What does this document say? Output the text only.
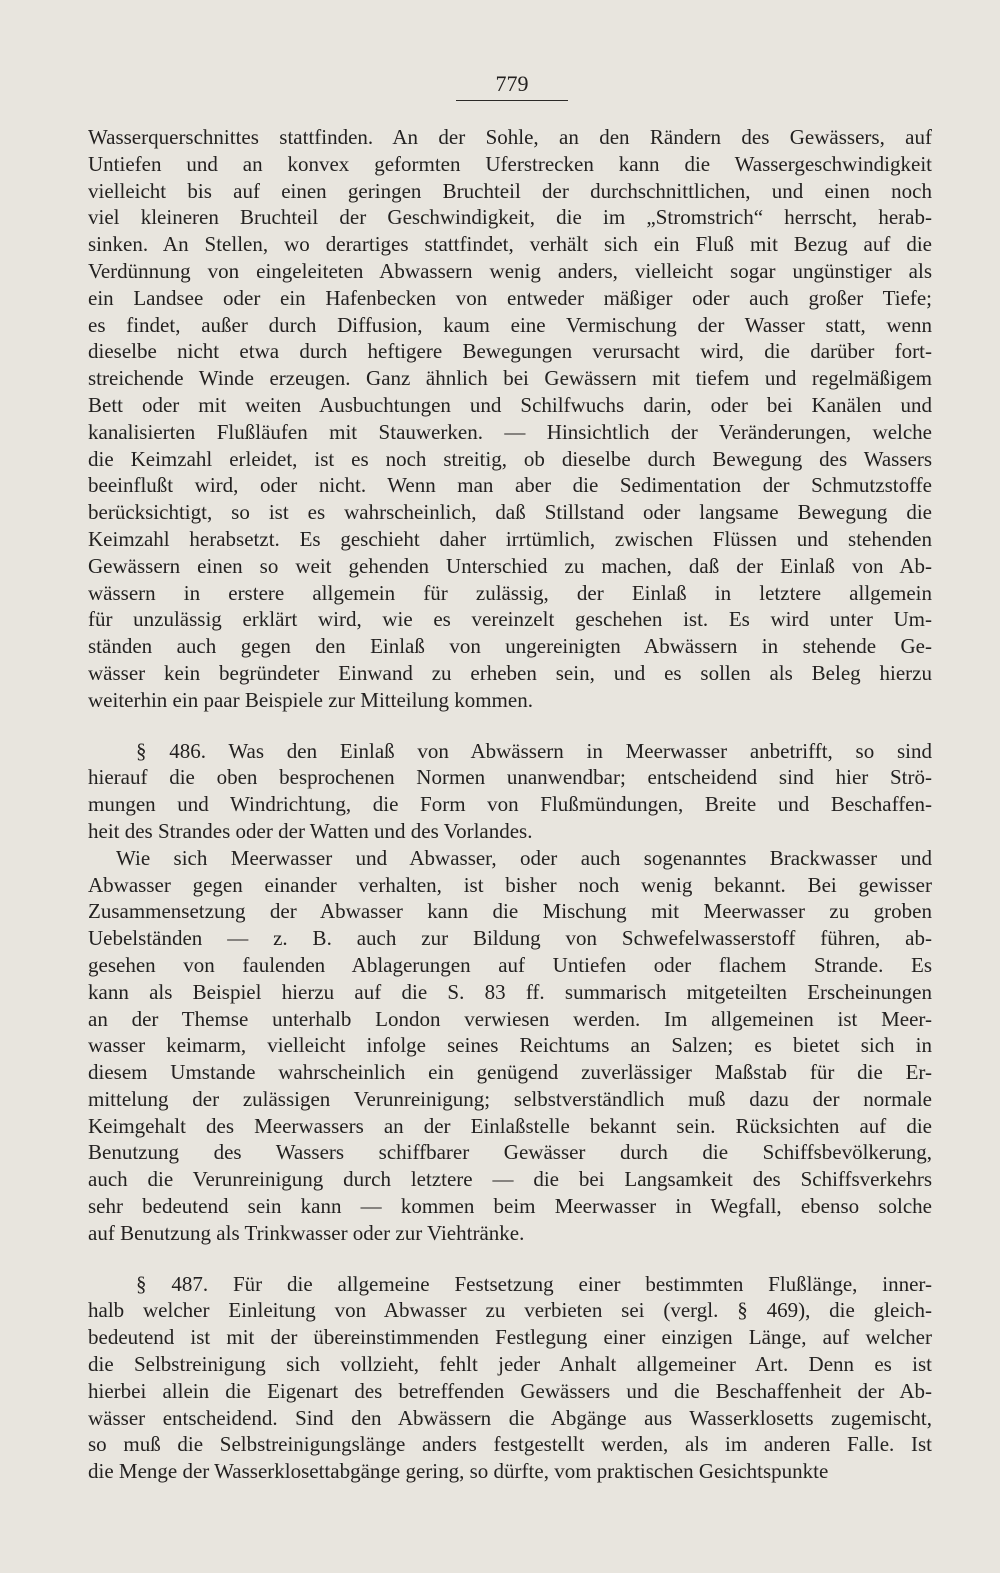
779
Wasserquerschnittes stattfinden. An der Sohle, an den Rändern des Gewässers, auf
Untiefen und an konvex geformten Uferstrecken kann die Wassergeschwindigkeit
vielleicht bis auf einen geringen Bruchteil der durchschnittlichen, und einen noch
viel kleineren Bruchteil der Geschwindigkeit, die im „Stromstrich“ herrscht, herab-
sinken. An Stellen, wo derartiges stattfindet, verhält sich ein Fluß mit Bezug auf die
Verdünnung von eingeleiteten Abwassern wenig anders, vielleicht sogar ungünstiger als
ein Landsee oder ein Hafenbecken von entweder mäßiger oder auch großer Tiefe;
es findet, außer durch Diffusion, kaum eine Vermischung der Wasser statt, wenn
dieselbe nicht etwa durch heftigere Bewegungen verursacht wird, die darüber fort-
streichende Winde erzeugen. Ganz ähnlich bei Gewässern mit tiefem und regelmäßigem
Bett oder mit weiten Ausbuchtungen und Schilfwuchs darin, oder bei Kanälen und
kanalisierten Flußläufen mit Stauwerken. — Hinsichtlich der Veränderungen, welche
die Keimzahl erleidet, ist es noch streitig, ob dieselbe durch Bewegung des Wassers
beeinflußt wird, oder nicht. Wenn man aber die Sedimentation der Schmutzstoffe
berücksichtigt, so ist es wahrscheinlich, daß Stillstand oder langsame Bewegung die
Keimzahl herabsetzt. Es geschieht daher irrtümlich, zwischen Flüssen und stehenden
Gewässern einen so weit gehenden Unterschied zu machen, daß der Einlaß von Ab-
wässern in erstere allgemein für zulässig, der Einlaß in letztere allgemein
für unzulässig erklärt wird, wie es vereinzelt geschehen ist. Es wird unter Um-
ständen auch gegen den Einlaß von ungereinigten Abwässern in stehende Ge-
wässer kein begründeter Einwand zu erheben sein, und es sollen als Beleg hierzu
weiterhin ein paar Beispiele zur Mitteilung kommen.
§ 486. Was den Einlaß von Abwässern in Meerwasser anbetrifft, so sind
hierauf die oben besprochenen Normen unanwendbar; entscheidend sind hier Strö-
mungen und Windrichtung, die Form von Flußmündungen, Breite und Beschaffen-
heit des Strandes oder der Watten und des Vorlandes.
Wie sich Meerwasser und Abwasser, oder auch sogenanntes Brackwasser und
Abwasser gegen einander verhalten, ist bisher noch wenig bekannt. Bei gewisser
Zusammensetzung der Abwasser kann die Mischung mit Meerwasser zu groben
Uebelständen — z. B. auch zur Bildung von Schwefelwasserstoff führen, ab-
gesehen von faulenden Ablagerungen auf Untiefen oder flachem Strande. Es
kann als Beispiel hierzu auf die S. 83 ff. summarisch mitgeteilten Erscheinungen
an der Themse unterhalb London verwiesen werden. Im allgemeinen ist Meer-
wasser keimarm, vielleicht infolge seines Reichtums an Salzen; es bietet sich in
diesem Umstande wahrscheinlich ein genügend zuverlässiger Maßstab für die Er-
mittelung der zulässigen Verunreinigung; selbstverständlich muß dazu der normale
Keimgehalt des Meerwassers an der Einlaßstelle bekannt sein. Rücksichten auf die
Benutzung des Wassers schiffbarer Gewässer durch die Schiffsbevölkerung,
auch die Verunreinigung durch letztere — die bei Langsamkeit des Schiffsverkehrs
sehr bedeutend sein kann — kommen beim Meerwasser in Wegfall, ebenso solche
auf Benutzung als Trinkwasser oder zur Viehtränke.
§ 487. Für die allgemeine Festsetzung einer bestimmten Flußlänge, inner-
halb welcher Einleitung von Abwasser zu verbieten sei (vergl. § 469), die gleich-
bedeutend ist mit der übereinstimmenden Festlegung einer einzigen Länge, auf welcher
die Selbstreinigung sich vollzieht, fehlt jeder Anhalt allgemeiner Art. Denn es ist
hierbei allein die Eigenart des betreffenden Gewässers und die Beschaffenheit der Ab-
wässer entscheidend. Sind den Abwässern die Abgänge aus Wasserklosetts zugemischt,
so muß die Selbstreinigungslänge anders festgestellt werden, als im anderen Falle. Ist
die Menge der Wasserklosettabgänge gering, so dürfte, vom praktischen Gesichtspunkte
